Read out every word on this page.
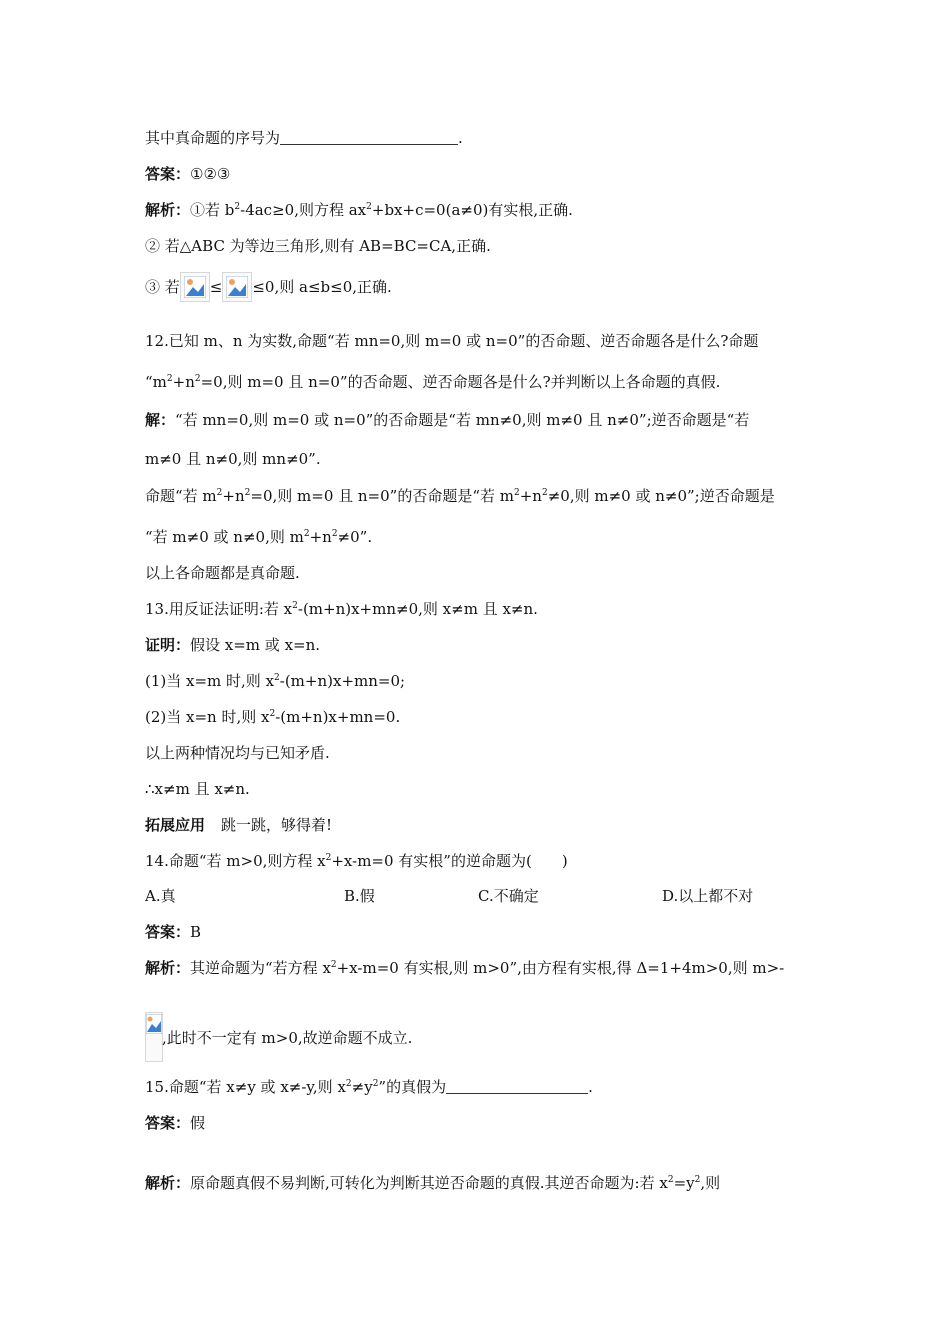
其中真命题的序号为	.
答案：①②③
解析：①若 $b^2-4ac\ge 0$,则方程 $ax^2+bx+c=0(a\ne 0)$有实根,正确.
② 若△ABC 为等边三角形,则有 AB=BC=CA,正确.
③ 若 ≤ ≤0,则 a≤b≤0,正确.
12.已知 m、n 为实数,命题“若 mn=0,则 m=0 或 n=0”的否命题、逆否命题各是什么?命题
“$m^2+n^2=0$,则 m=0 且 n=0”的否命题、逆否命题各是什么?并判断以上各命题的真假.
解：“若 mn=0,则 m=0 或 n=0”的否命题是“若 mn≠0,则 m≠0 且 n≠0”;逆否命题是“若
m≠0 且 n≠0,则 mn≠0”.
命题“若 $m^2+n^2=0$,则 m=0 且 n=0”的否命题是“若 $m^2+n^2\ne 0$,则 m≠0 或 n≠0”;逆否命题是
“若 m≠0 或 n≠0,则 $m^2+n^2\ne 0$”.
以上各命题都是真命题.
13.用反证法证明:若 $x^2-(m+n)x+mn\ne 0$,则 x≠m 且 x≠n.
证明：假设 x=m 或 x=n.
(1)当 x=m 时,则 $x^2-(m+n)x+mn=0$;
(2)当 x=n 时,则 $x^2-(m+n)x+mn=0$.
以上两种情况均与已知矛盾.
∴x≠m 且 x≠n.
拓展应用 跳一跳，够得着!
14.命题“若 m>0,则方程 $x^2+x-m=0$ 有实根”的逆命题为(　　)
A.真	B.假	C.不确定	D.以上都不对
答案：B
解析：其逆命题为“若方程 $x^2+x-m=0$ 有实根,则 m>0”,由方程有实根,得 Δ=1+4m>0,则 m>-
,此时不一定有 m>0,故逆命题不成立.
15.命题“若 x≠y 或 x≠-y,则 $x^2\ne y^2$”的真假为	.
答案：假
解析：原命题真假不易判断,可转化为判断其逆否命题的真假.其逆否命题为:若 $x^2=y^2$,则
